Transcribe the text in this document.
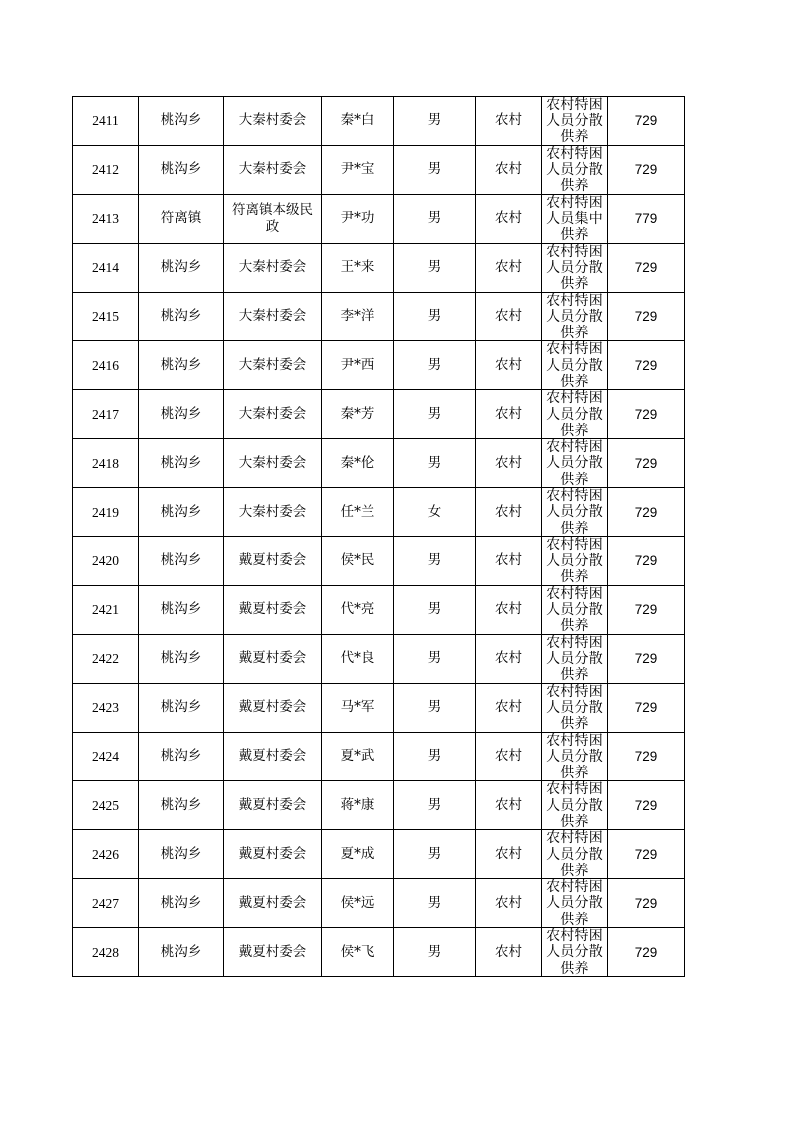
2411	桃沟乡	大秦村委会	秦*白	男	农村	农村特困人员分散供养	729
2412	桃沟乡	大秦村委会	尹*宝	男	农村	农村特困人员分散供养	729
2413	符离镇	符离镇本级民政	尹*功	男	农村	农村特困人员集中供养	779
2414	桃沟乡	大秦村委会	王*来	男	农村	农村特困人员分散供养	729
2415	桃沟乡	大秦村委会	李*洋	男	农村	农村特困人员分散供养	729
2416	桃沟乡	大秦村委会	尹*西	男	农村	农村特困人员分散供养	729
2417	桃沟乡	大秦村委会	秦*芳	男	农村	农村特困人员分散供养	729
2418	桃沟乡	大秦村委会	秦*伦	男	农村	农村特困人员分散供养	729
2419	桃沟乡	大秦村委会	任*兰	女	农村	农村特困人员分散供养	729
2420	桃沟乡	戴夏村委会	侯*民	男	农村	农村特困人员分散供养	729
2421	桃沟乡	戴夏村委会	代*亮	男	农村	农村特困人员分散供养	729
2422	桃沟乡	戴夏村委会	代*良	男	农村	农村特困人员分散供养	729
2423	桃沟乡	戴夏村委会	马*军	男	农村	农村特困人员分散供养	729
2424	桃沟乡	戴夏村委会	夏*武	男	农村	农村特困人员分散供养	729
2425	桃沟乡	戴夏村委会	蒋*康	男	农村	农村特困人员分散供养	729
2426	桃沟乡	戴夏村委会	夏*成	男	农村	农村特困人员分散供养	729
2427	桃沟乡	戴夏村委会	侯*远	男	农村	农村特困人员分散供养	729
2428	桃沟乡	戴夏村委会	侯*飞	男	农村	农村特困人员分散供养	729
